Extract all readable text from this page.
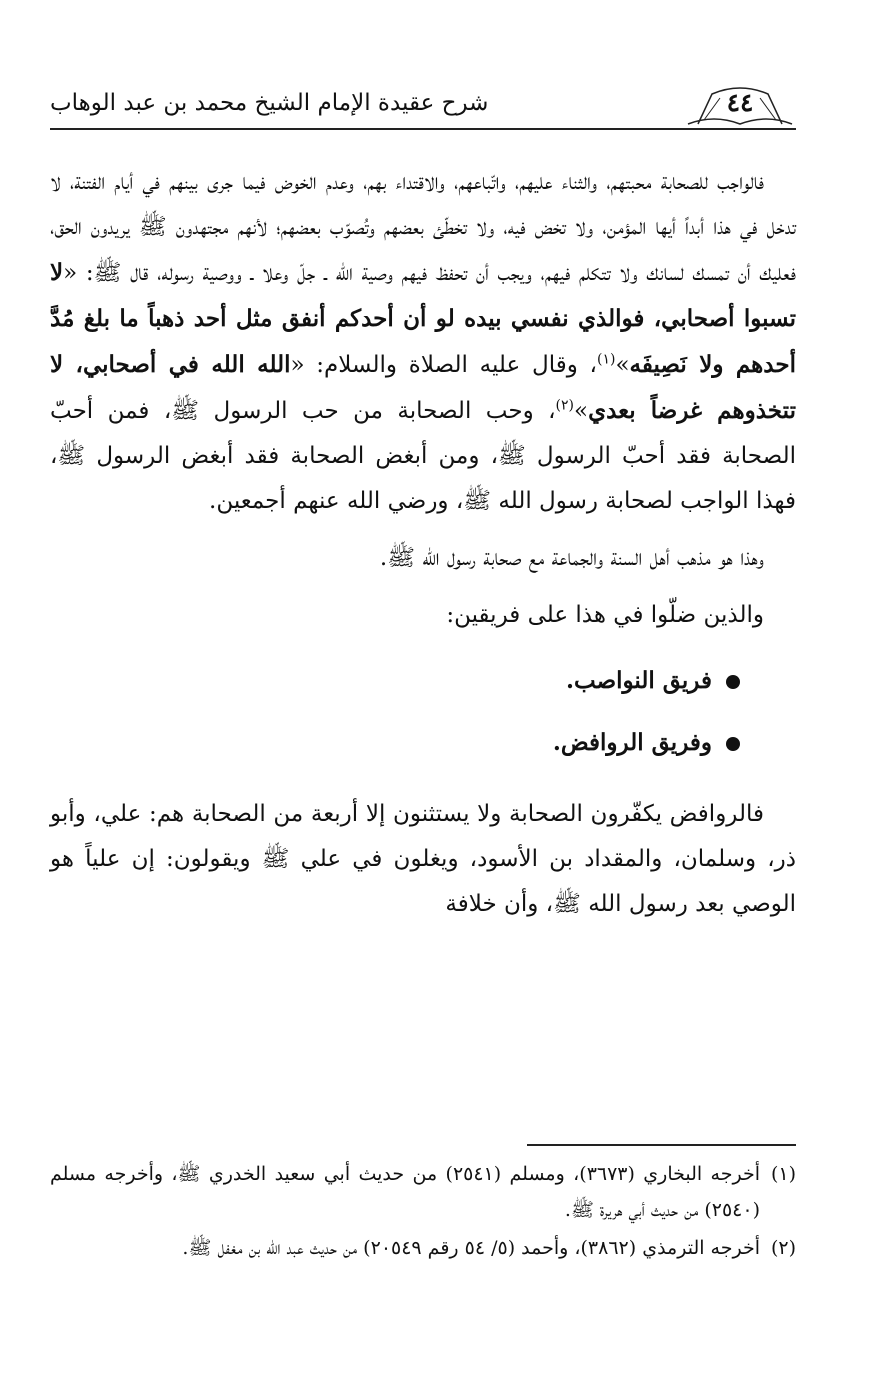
شرح عقيدة الإمام الشيخ محمد بن عبد الوهاب	٤٤

فالواجب للصحابة محبتهم، والثناء عليهم، واتّباعهم، والاقتداء بهم، وعدم الخوض فيما جرى بينهم في أيام الفتنة، لا تدخل في هذا أبداً أيها المؤمن، ولا تخض فيه، ولا تخطّئ بعضهم وتُصوّب بعضهم؛ لأنهم مجتهدون ﷺ يريدون الحق، فعليك أن تمسك لسانك ولا تتكلم فيهم، ويجب أن تحفظ فيهم وصية الله ـ جلّ وعلا ـ ووصية رسوله، قال ﷺ: «لا تسبوا أصحابي، فوالذي نفسي بيده لو أن أحدكم أنفق مثل أحد ذهباً ما بلغ مُدَّ أحدهم ولا نَصِيفَه»$^{(١)}$، وقال عليه الصلاة والسلام: «الله الله في أصحابي، لا تتخذوهم غرضاً بعدي»$^{(٢)}$، وحب الصحابة من حب الرسول ﷺ، فمن أحبّ الصحابة فقد أحبّ الرسول ﷺ، ومن أبغض الصحابة فقد أبغض الرسول ﷺ، فهذا الواجب لصحابة رسول الله ﷺ، ورضي الله عنهم أجمعين.

وهذا هو مذهب أهل السنة والجماعة مع صحابة رسول الله ﷺ.

والذين ضلّوا في هذا على فريقين:

فريق النواصب.
وفريق الروافض.

فالروافض يكفّرون الصحابة ولا يستثنون إلا أربعة من الصحابة هم: علي، وأبو ذر، وسلمان، والمقداد بن الأسود، ويغلون في علي ﷺ ويقولون: إن علياً هو الوصي بعد رسول الله ﷺ، وأن خلافة

(١)
أخرجه البخاري (٣٦٧٣)، ومسلم (٢٥٤١) من حديث أبي سعيد الخدري ﷺ، وأخرجه مسلم (٢٥٤٠) من حديث أبي هريرة ﷺ.

(٢)
أخرجه الترمذي (٣٨٦٢)، وأحمد (٥/ ٥٤ رقم ٢٠٥٤٩) من حديث عبد الله بن مغفل ﷺ.
